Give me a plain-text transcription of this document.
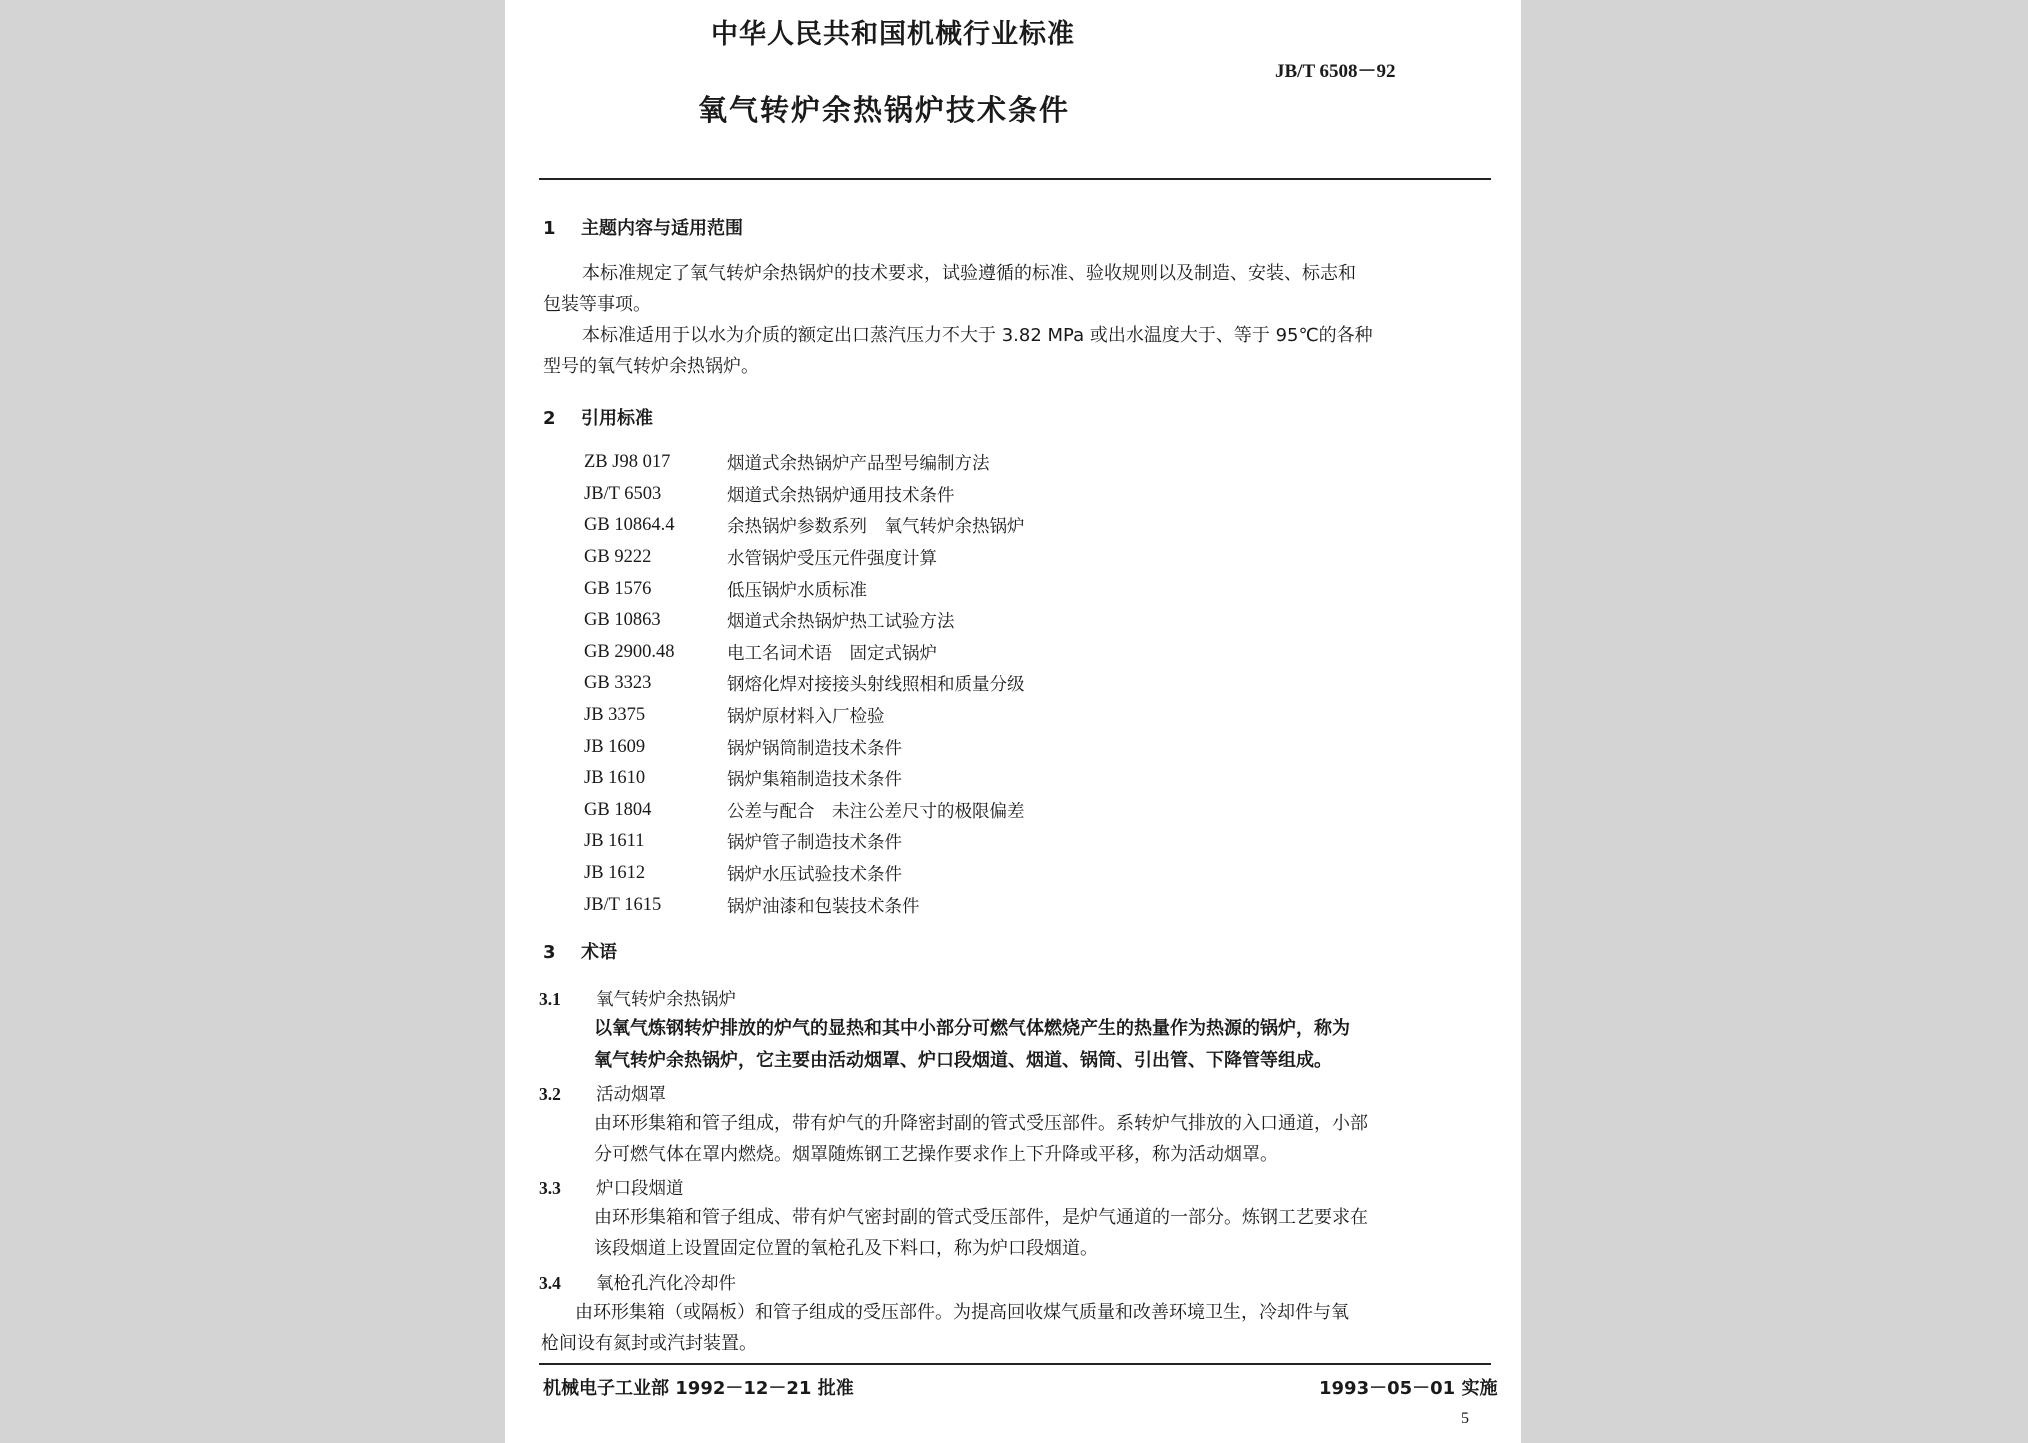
中华人民共和国机械行业标准
JB/T 6508－92
氧气转炉余热锅炉技术条件
1 主题内容与适用范围
本标准规定了氧气转炉余热锅炉的技术要求，试验遵循的标准、验收规则以及制造、安装、标志和
包装等事项。
本标准适用于以水为介质的额定出口蒸汽压力不大于 3.82 MPa 或出水温度大于、等于 95℃的各种
型号的氧气转炉余热锅炉。
2 引用标准
ZB J98 017	烟道式余热锅炉产品型号编制方法
JB/T 6503	烟道式余热锅炉通用技术条件
GB 10864.4	余热锅炉参数系列　氧气转炉余热锅炉
GB 9222	水管锅炉受压元件强度计算
GB 1576	低压锅炉水质标准
GB 10863	烟道式余热锅炉热工试验方法
GB 2900.48	电工名词术语　固定式锅炉
GB 3323	钢熔化焊对接接头射线照相和质量分级
JB 3375	锅炉原材料入厂检验
JB 1609	锅炉锅筒制造技术条件
JB 1610	锅炉集箱制造技术条件
GB 1804	公差与配合　未注公差尺寸的极限偏差
JB 1611	锅炉管子制造技术条件
JB 1612	锅炉水压试验技术条件
JB/T 1615	锅炉油漆和包装技术条件
3 术语
3.1 氧气转炉余热锅炉
以氧气炼钢转炉排放的炉气的显热和其中小部分可燃气体燃烧产生的热量作为热源的锅炉，称为
氧气转炉余热锅炉，它主要由活动烟罩、炉口段烟道、烟道、锅筒、引出管、下降管等组成。
3.2 活动烟罩
由环形集箱和管子组成，带有炉气的升降密封副的管式受压部件。系转炉气排放的入口通道，小部
分可燃气体在罩内燃烧。烟罩随炼钢工艺操作要求作上下升降或平移，称为活动烟罩。
3.3 炉口段烟道
由环形集箱和管子组成、带有炉气密封副的管式受压部件，是炉气通道的一部分。炼钢工艺要求在
该段烟道上设置固定位置的氧枪孔及下料口，称为炉口段烟道。
3.4 氧枪孔汽化冷却件
由环形集箱（或隔板）和管子组成的受压部件。为提高回收煤气质量和改善环境卫生，冷却件与氧
枪间设有氮封或汽封装置。
机械电子工业部 1992－12－21 批准	1993－05－01 实施
5
